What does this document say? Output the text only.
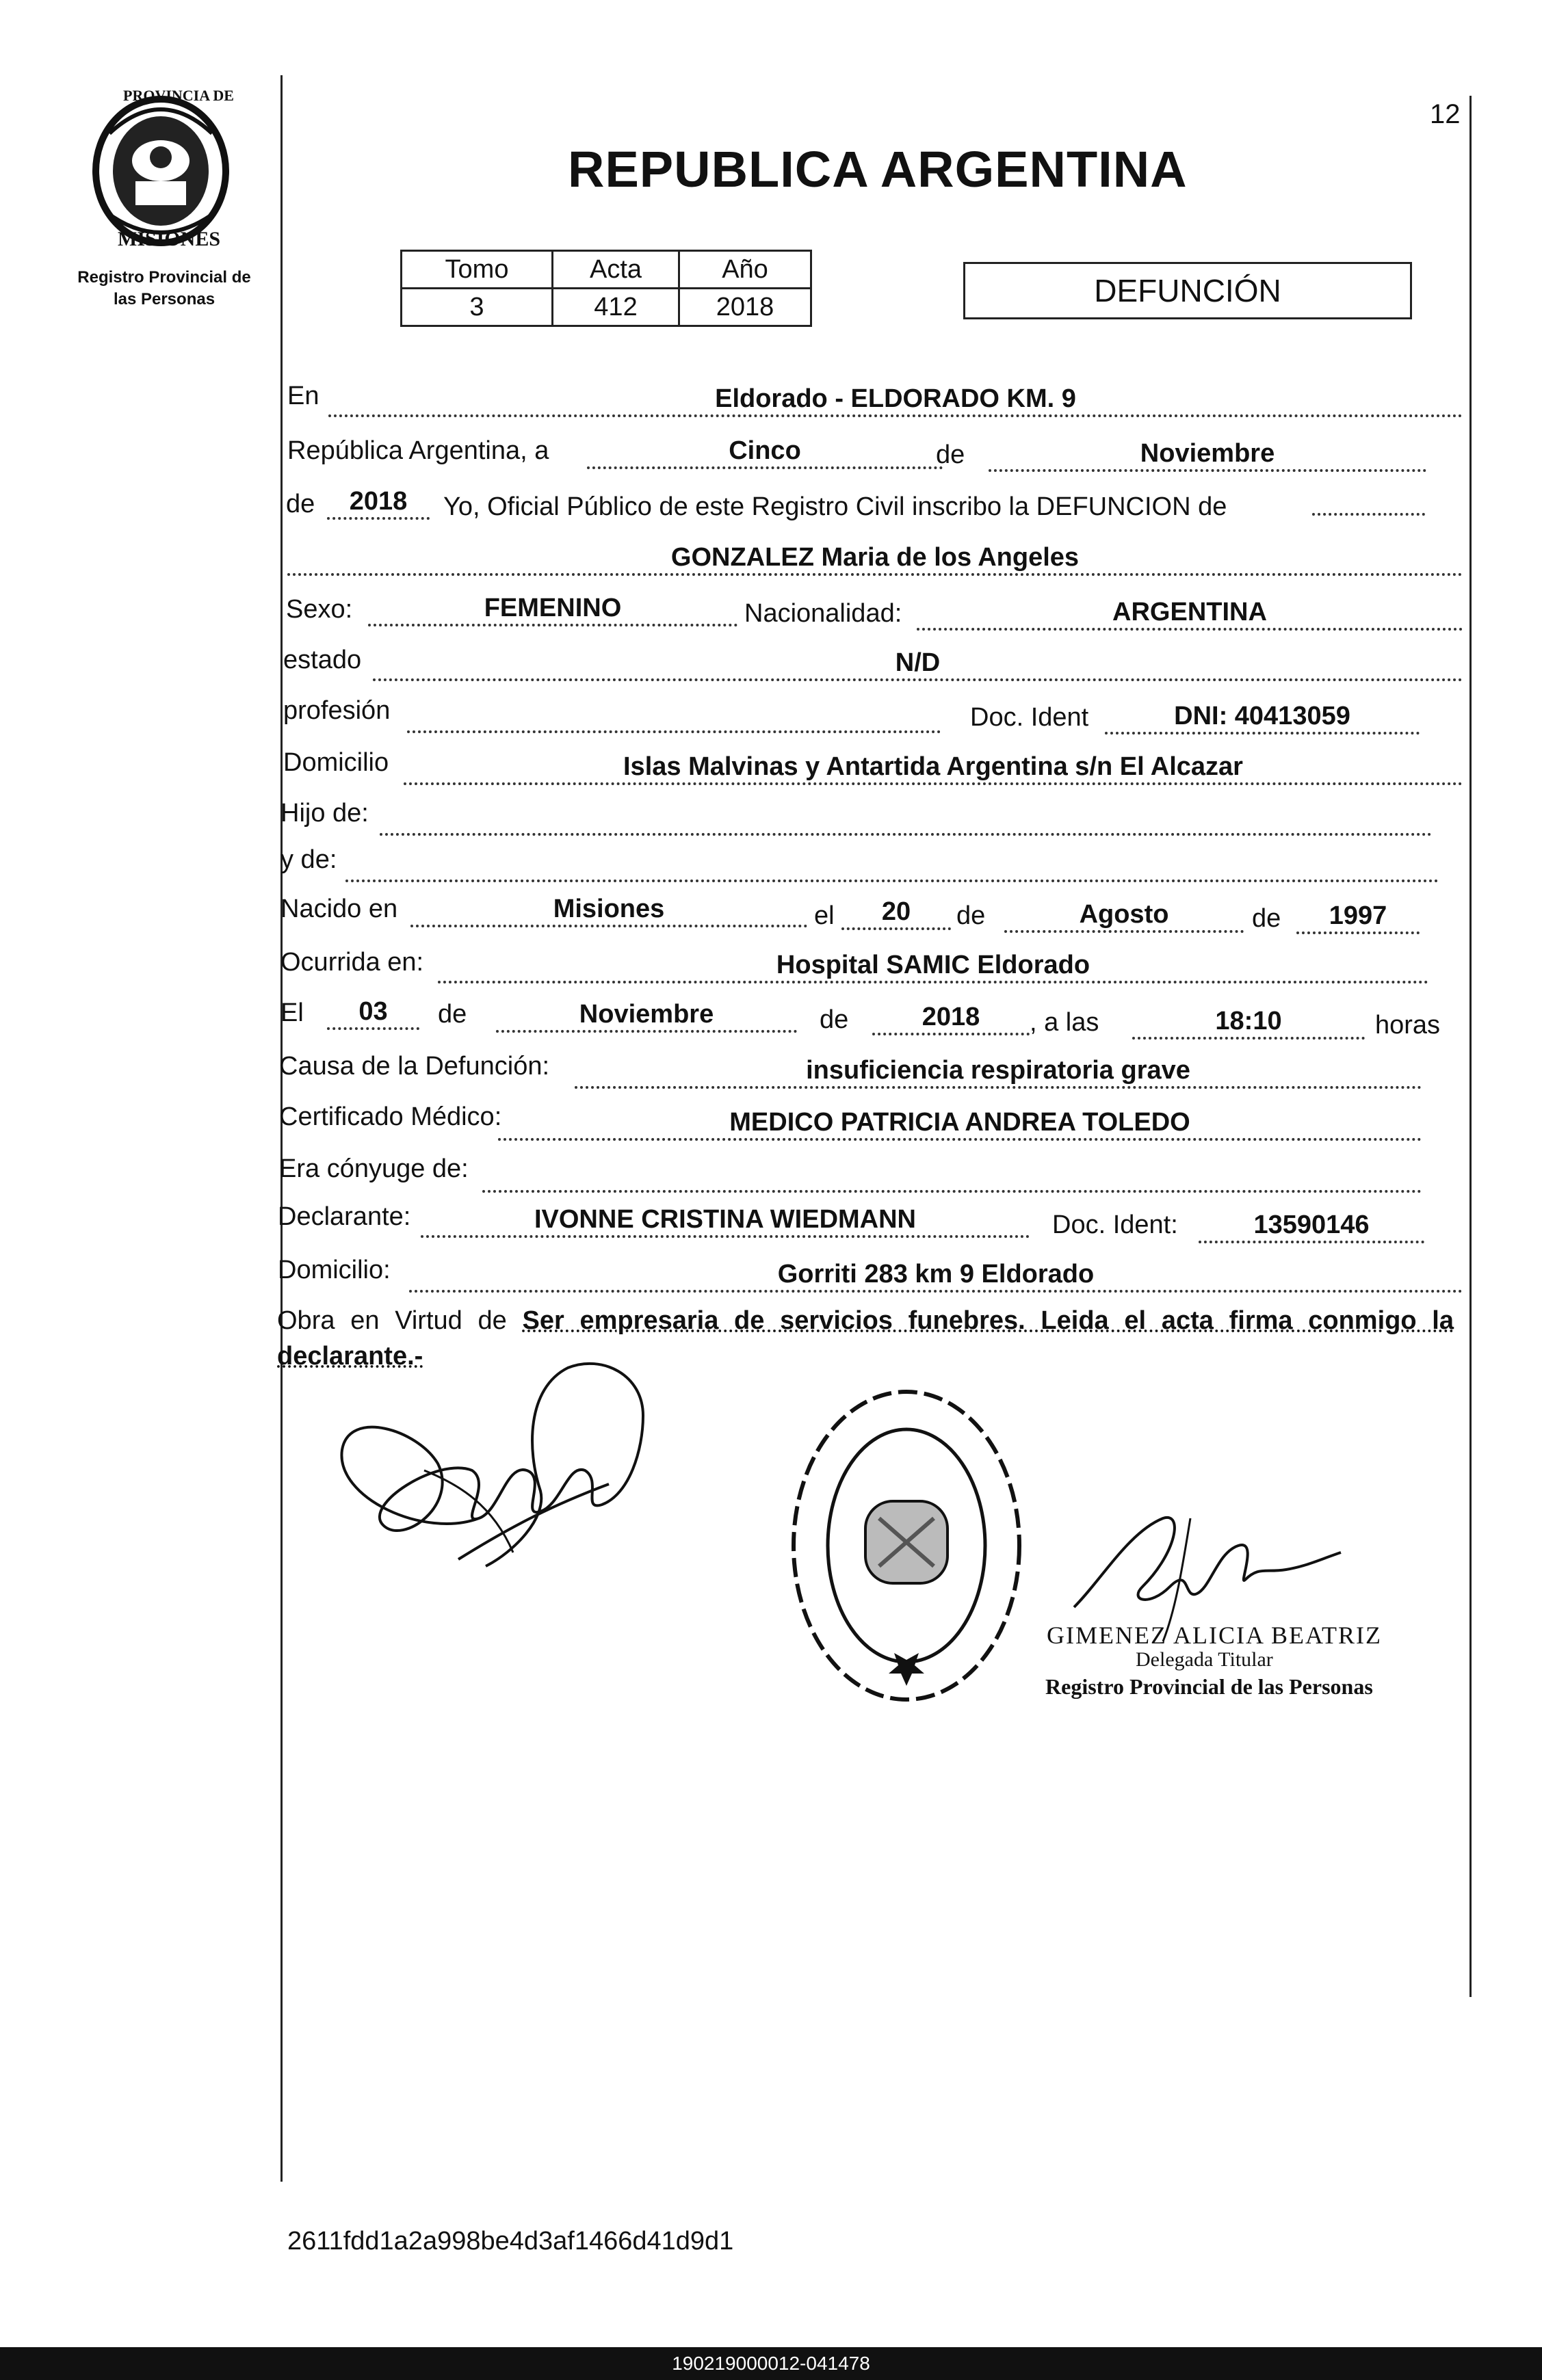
12
PROVINCIA DE
MISIONES
Registro Provincial de
las Personas
REPUBLICA ARGENTINA
Tomo	Acta	Año
3	412	2018	DEFUNCIÓN
En	Eldorado - ELDORADO KM. 9
República Argentina, a	Cinco	de	Noviembre
de	2018	Yo, Oficial Público de este Registro Civil inscribo la DEFUNCION de
GONZALEZ Maria de los Angeles
Sexo:	FEMENINO	Nacionalidad:	ARGENTINA
estado	N/D
profesión	Doc. Ident	DNI: 40413059
Domicilio	Islas Malvinas y Antartida Argentina s/n El Alcazar
Hijo de:
y de:
Nacido en	Misiones	el	20	de	Agosto	de	1997
Ocurrida en:	Hospital SAMIC Eldorado
El	03	de	Noviembre	de	2018	, a las	18:10	horas
Causa de la Defunción:	insuficiencia respiratoria grave
Certificado Médico:	MEDICO PATRICIA ANDREA TOLEDO
Era cónyuge de:
Declarante:	IVONNE CRISTINA WIEDMANN	Doc. Ident:	13590146
Domicilio:	Gorriti 283 km 9 Eldorado
Obra en Virtud de Ser empresaria de servicios funebres. Leida el acta firma conmigo la declarante.-
GIMENEZ ALICIA BEATRIZ
Delegada Titular
Registro Provincial de las Personas
2611fdd1a2a998be4d3af1466d41d9d1
190219000012-041478
